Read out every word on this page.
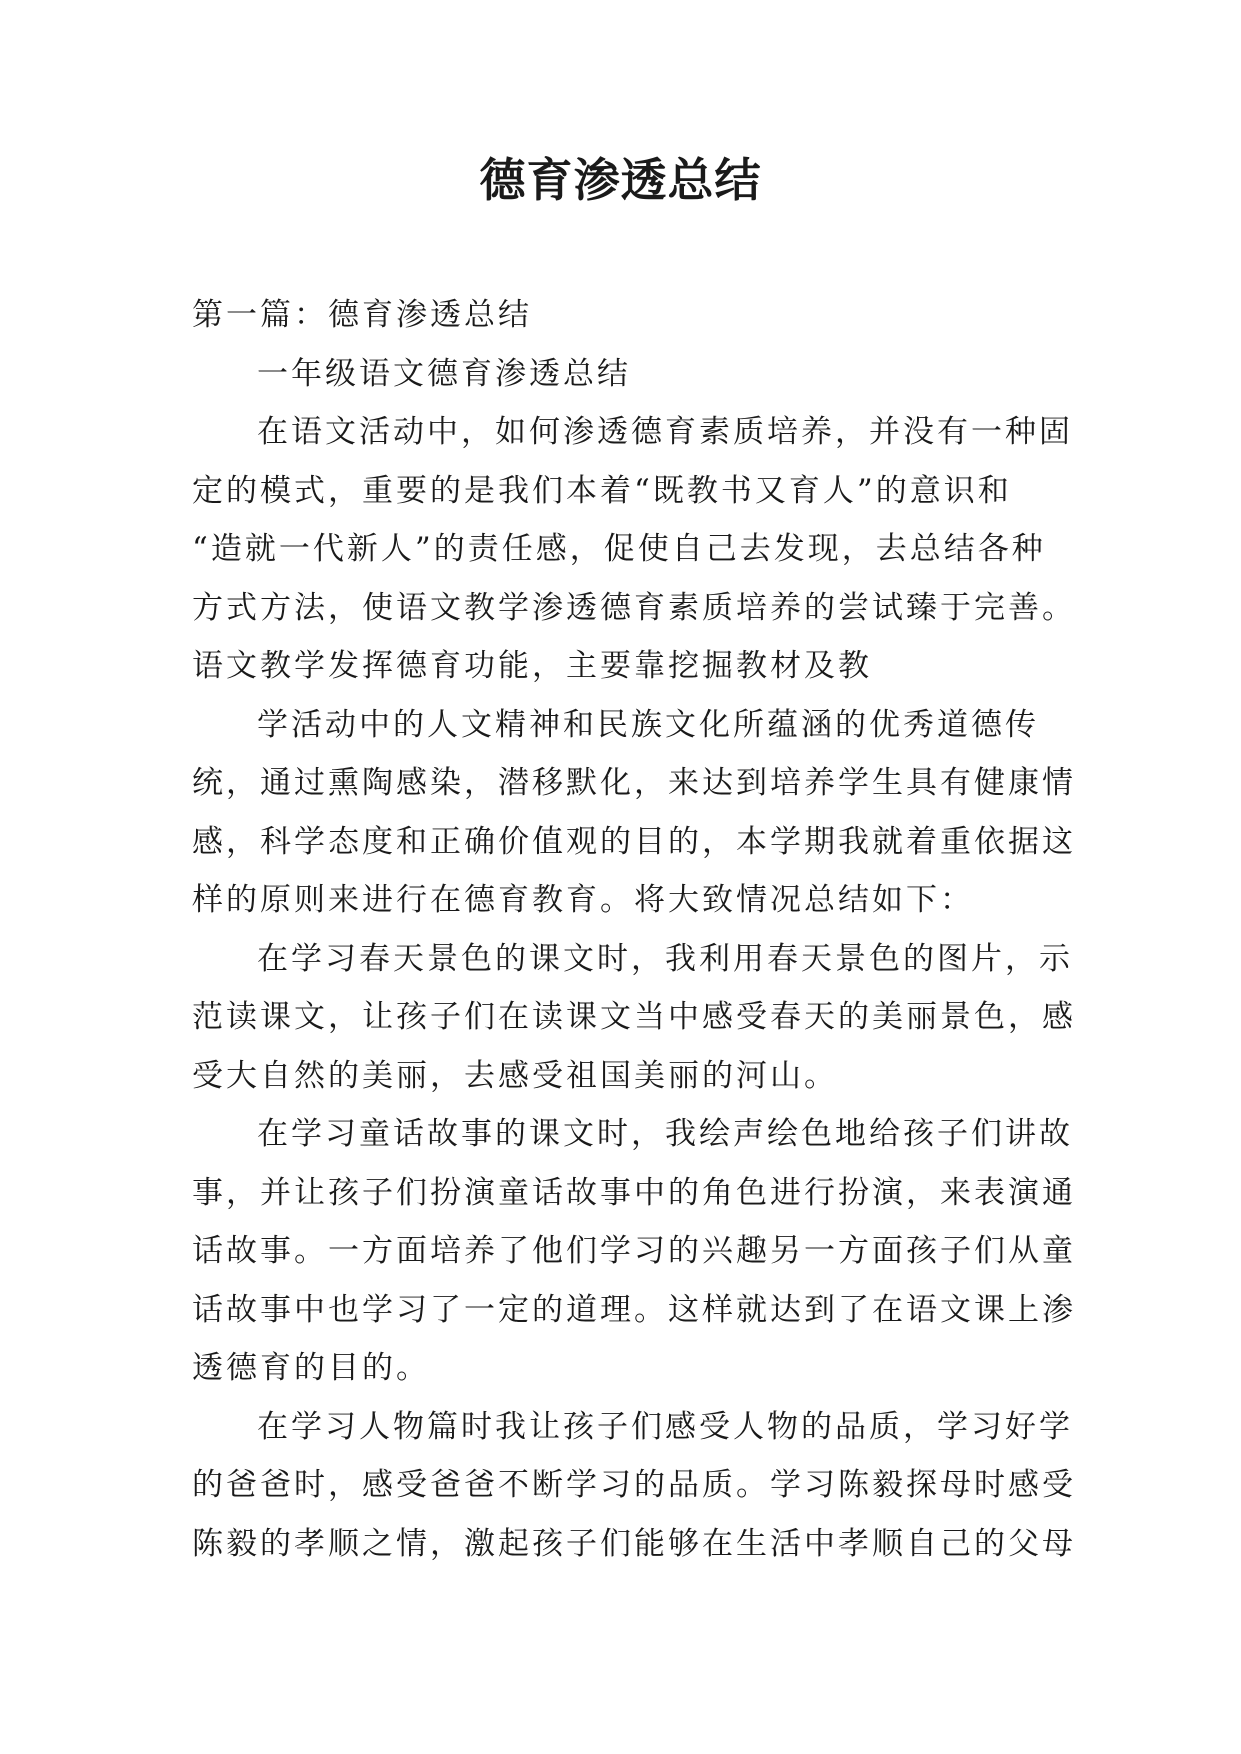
德育渗透总结

第一篇：德育渗透总结

一年级语文德育渗透总结

在语文活动中，如何渗透德育素质培养，并没有一种固

定的模式，重要的是我们本着“既教书又育人”的意识和

“造就一代新人”的责任感，促使自己去发现，去总结各种

方式方法，使语文教学渗透德育素质培养的尝试臻于完善。

语文教学发挥德育功能，主要靠挖掘教材及教

学活动中的人文精神和民族文化所蕴涵的优秀道德传

统，通过熏陶感染，潜移默化，来达到培养学生具有健康情

感，科学态度和正确价值观的目的，本学期我就着重依据这

样的原则来进行在德育教育。将大致情况总结如下：

在学习春天景色的课文时，我利用春天景色的图片，示

范读课文，让孩子们在读课文当中感受春天的美丽景色，感

受大自然的美丽，去感受祖国美丽的河山。

在学习童话故事的课文时，我绘声绘色地给孩子们讲故

事，并让孩子们扮演童话故事中的角色进行扮演，来表演通

话故事。一方面培养了他们学习的兴趣另一方面孩子们从童

话故事中也学习了一定的道理。这样就达到了在语文课上渗

透德育的目的。

在学习人物篇时我让孩子们感受人物的品质，学习好学

的爸爸时，感受爸爸不断学习的品质。学习陈毅探母时感受

陈毅的孝顺之情，激起孩子们能够在生活中孝顺自己的父母
